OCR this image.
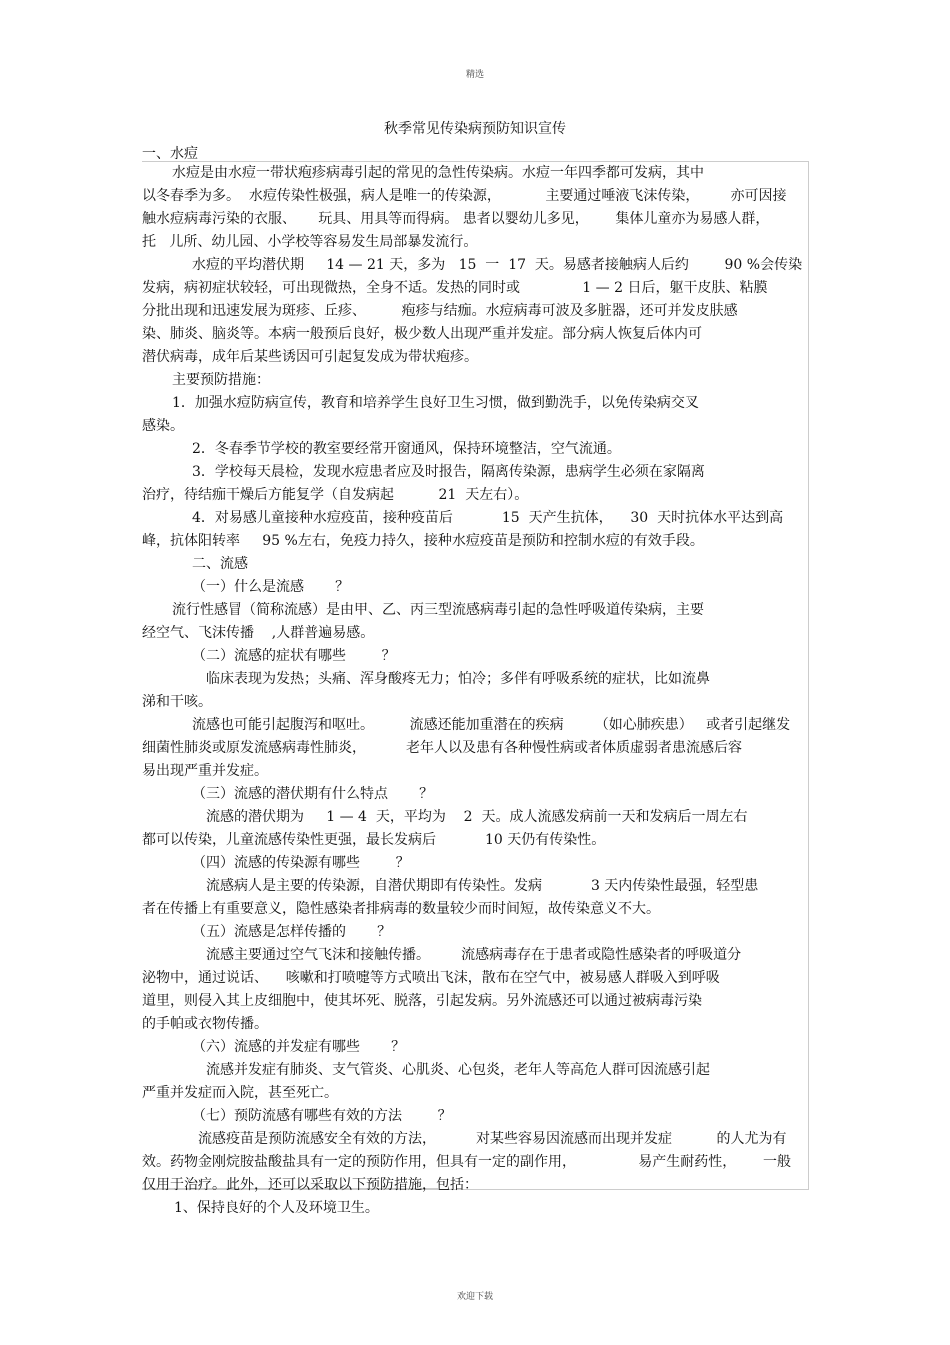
精选
秋季常见传染病预防知识宣传
一、水痘
水痘是由水痘一带状疱疹病毒引起的常见的急性传染病。水痘一年四季都可发病，其中
以冬春季为多。  水痘传染性极强，病人是唯一的传染源，          主要通过唾液飞沫传染，       亦可因接
触水痘病毒污染的衣服、     玩具、用具等而得病。 患者以婴幼儿多见，      集体儿童亦为易感人群，
托   儿所、幼儿园、小学校等容易发生局部暴发流行。
水痘的平均潜伏期     14 — 21 天，多为   15  一  17  天。易感者接触病人后约        90 %会传染
发病，病初症状较轻，可出现微热，全身不适。发热的同时或              1 — 2 日后，躯干皮肤、粘膜
分批出现和迅速发展为斑疹、丘疹、        疱疹与结痂。水痘病毒可波及多脏器，还可并发皮肤感
染、肺炎、脑炎等。本病一般预后良好，极少数人出现严重并发症。部分病人恢复后体内可
潜伏病毒，成年后某些诱因可引起复发成为带状疱疹。
主要预防措施：
1．加强水痘防病宣传，教育和培养学生良好卫生习惯，做到勤洗手，以免传染病交叉
感染。
2．冬春季节学校的教室要经常开窗通风，保持环境整洁，空气流通。
3．学校每天晨检，发现水痘患者应及时报告，隔离传染源，患病学生必须在家隔离
治疗，待结痂干燥后方能复学（自发病起          21  天左右）。
4．对易感儿童接种水痘疫苗，接种疫苗后           15  天产生抗体，    30  天时抗体水平达到高
峰，抗体阳转率     95 %左右，免疫力持久，接种水痘疫苗是预防和控制水痘的有效手段。
二、流感
（一）什么是流感       ？
流行性感冒（简称流感）是由甲、乙、丙三型流感病毒引起的急性呼吸道传染病，主要
经空气、飞沫传播    ,人群普遍易感。
（二）流感的症状有哪些        ？
临床表现为发热；头痛、浑身酸疼无力；怕冷；多伴有呼吸系统的症状，比如流鼻
涕和干咳。
流感也可能引起腹泻和呕吐。        流感还能加重潜在的疾病       （如心肺疾患）   或者引起继发
细菌性肺炎或原发流感病毒性肺炎，         老年人以及患有各种慢性病或者体质虚弱者患流感后容
易出现严重并发症。
（三）流感的潜伏期有什么特点       ？
流感的潜伏期为     1 — 4  天，平均为    2  天。成人流感发病前一天和发病后一周左右
都可以传染，儿童流感传染性更强，最长发病后           10 天仍有传染性。
（四）流感的传染源有哪些        ？
流感病人是主要的传染源，自潜伏期即有传染性。发病           3 天内传染性最强，轻型患
者在传播上有重要意义，隐性感染者排病毒的数量较少而时间短，故传染意义不大。
（五）流感是怎样传播的       ？
流感主要通过空气飞沫和接触传播。       流感病毒存在于患者或隐性感染者的呼吸道分
泌物中，通过说话、    咳嗽和打喷嚏等方式喷出飞沫，散布在空气中，被易感人群吸入到呼吸
道里，则侵入其上皮细胞中，使其坏死、脱落，引起发病。另外流感还可以通过被病毒污染
的手帕或衣物传播。
（六）流感的并发症有哪些       ？
流感并发症有肺炎、支气管炎、心肌炎、心包炎，老年人等高危人群可因流感引起
严重并发症而入院，甚至死亡。
（七）预防流感有哪些有效的方法        ？
流感疫苗是预防流感安全有效的方法，         对某些容易因流感而出现并发症          的人尤为有
效。药物金刚烷胺盐酸盐具有一定的预防作用，但具有一定的副作用，              易产生耐药性，      一般
仅用于治疗。此外，还可以采取以下预防措施，包括：
1、保持良好的个人及环境卫生。
欢迎下载
